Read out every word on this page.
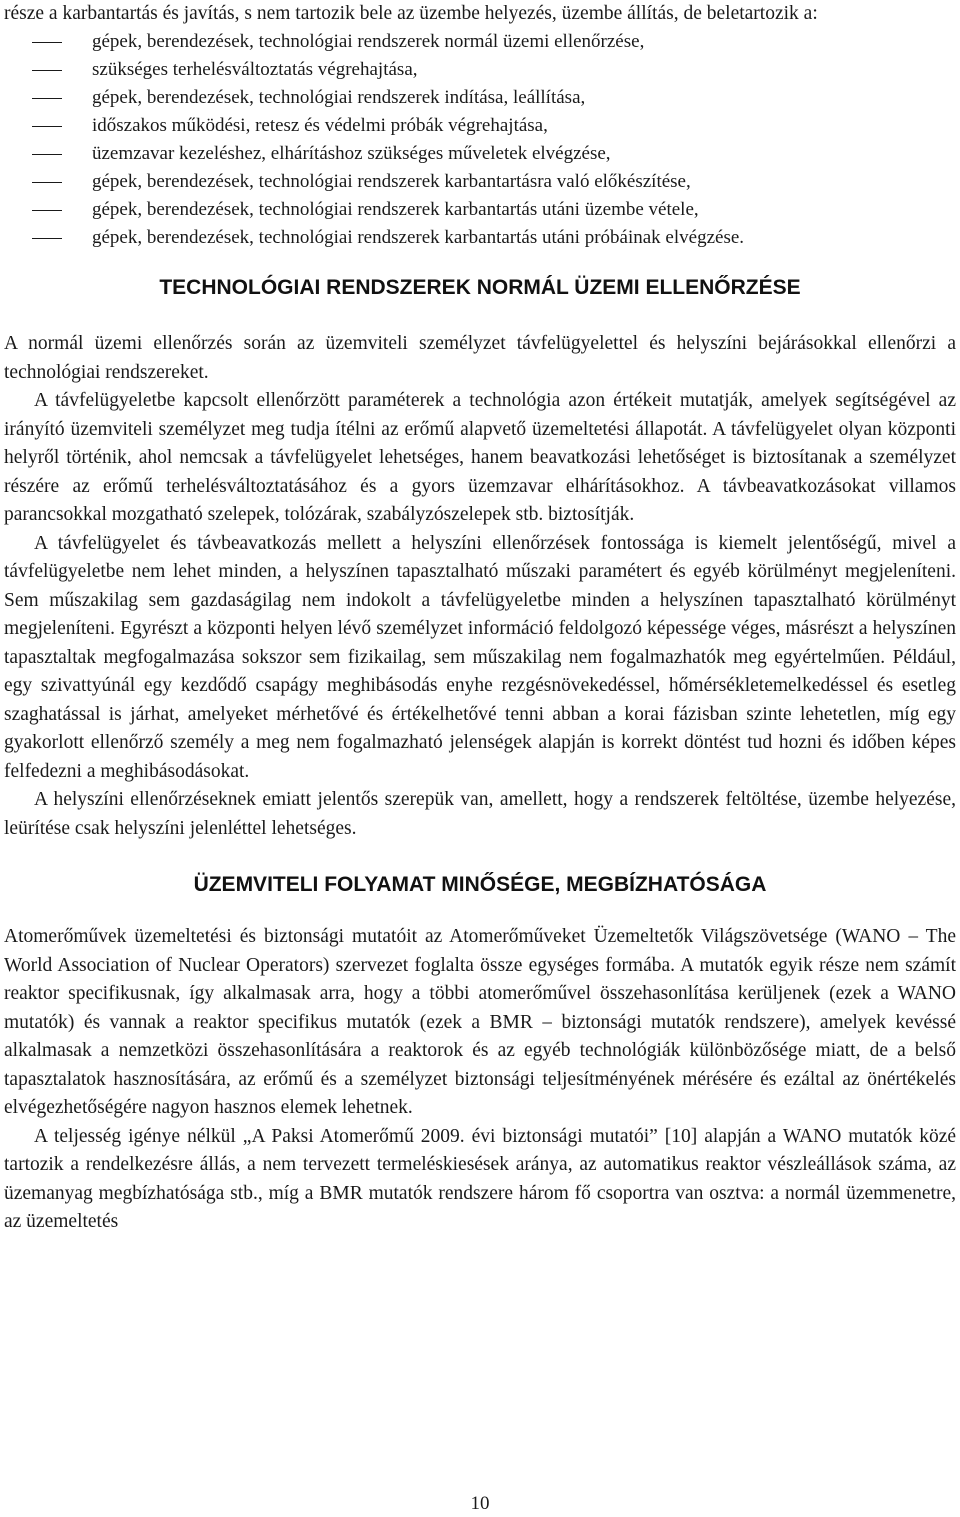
része a karbantartás és javítás, s nem tartozik bele az üzembe helyezés, üzembe állítás, de beletartozik a:

gépek, berendezések, technológiai rendszerek normál üzemi ellenőrzése,
szükséges terhelésváltoztatás végrehajtása,
gépek, berendezések, technológiai rendszerek indítása, leállítása,
időszakos működési, retesz és védelmi próbák végrehajtása,
üzemzavar kezeléshez, elhárításhoz szükséges műveletek elvégzése,
gépek, berendezések, technológiai rendszerek karbantartásra való előkészítése,
gépek, berendezések, technológiai rendszerek karbantartás utáni üzembe vétele,
gépek, berendezések, technológiai rendszerek karbantartás utáni próbáinak elvégzése.
TECHNOLÓGIAI RENDSZEREK NORMÁL ÜZEMI ELLENŐRZÉSE

A normál üzemi ellenőrzés során az üzemviteli személyzet távfelügyelettel és helyszíni bejárásokkal ellenőrzi a technológiai rendszereket.

A távfelügyeletbe kapcsolt ellenőrzött paraméterek a technológia azon értékeit mutatják, amelyek segítségével az irányító üzemviteli személyzet meg tudja ítélni az erőmű alapvető üzemeltetési állapotát. A távfelügyelet olyan központi helyről történik, ahol nemcsak a távfelügyelet lehetséges, hanem beavatkozási lehetőséget is biztosítanak a személyzet részére az erőmű terhelésváltoztatásához és a gyors üzemzavar elhárításokhoz. A távbeavatkozásokat villamos parancsokkal mozgatható szelepek, tolózárak, szabályzószelepek stb. biztosítják.

A távfelügyelet és távbeavatkozás mellett a helyszíni ellenőrzések fontossága is kiemelt jelentőségű, mivel a távfelügyeletbe nem lehet minden, a helyszínen tapasztalható műszaki paramétert és egyéb körülményt megjeleníteni. Sem műszakilag sem gazdaságilag nem indokolt a távfelügyeletbe minden a helyszínen tapasztalható körülményt megjeleníteni. Egyrészt a központi helyen lévő személyzet információ feldolgozó képessége véges, másrészt a helyszínen tapasztaltak megfogalmazása sokszor sem fizikailag, sem műszakilag nem fogalmazhatók meg egyértelműen. Például, egy szivattyúnál egy kezdődő csapágy meghibásodás enyhe rezgésnövekedéssel, hőmérsékletemelkedéssel és esetleg szaghatással is járhat, amelyeket mérhetővé és értékelhetővé tenni abban a korai fázisban szinte lehetetlen, míg egy gyakorlott ellenőrző személy a meg nem fogalmazható jelenségek alapján is korrekt döntést tud hozni és időben képes felfedezni a meghibásodásokat.

A helyszíni ellenőrzéseknek emiatt jelentős szerepük van, amellett, hogy a rendszerek feltöltése, üzembe helyezése, leürítése csak helyszíni jelenléttel lehetséges.

ÜZEMVITELI FOLYAMAT MINŐSÉGE, MEGBÍZHATÓSÁGA

Atomerőművek üzemeltetési és biztonsági mutatóit az Atomerőműveket Üzemeltetők Világszövetsége (WANO ⎯ The World Association of Nuclear Operators) szervezet foglalta össze egységes formába. A mutatók egyik része nem számít reaktor specifikusnak, így alkalmasak arra, hogy a többi atomerőművel összehasonlítása kerüljenek (ezek a WANO mutatók) és vannak a reaktor specifikus mutatók (ezek a BMR ⎯ biztonsági mutatók rendszere), amelyek kevéssé alkalmasak a nemzetközi összehasonlítására a reaktorok és az egyéb technológiák különbözősége miatt, de a belső tapasztalatok hasznosítására, az erőmű és a személyzet biztonsági teljesítményének mérésére és ezáltal az önértékelés elvégezhetőségére nagyon hasznos elemek lehetnek.

A teljesség igénye nélkül „A Paksi Atomerőmű 2009. évi biztonsági mutatói” [10] alapján a WANO mutatók közé tartozik a rendelkezésre állás, a nem tervezett termeléskiesések aránya, az automatikus reaktor vészleállások száma, az üzemanyag megbízhatósága stb., míg a BMR mutatók rendszere három fő csoportra van osztva: a normál üzemmenetre, az üzemeltetés

10
